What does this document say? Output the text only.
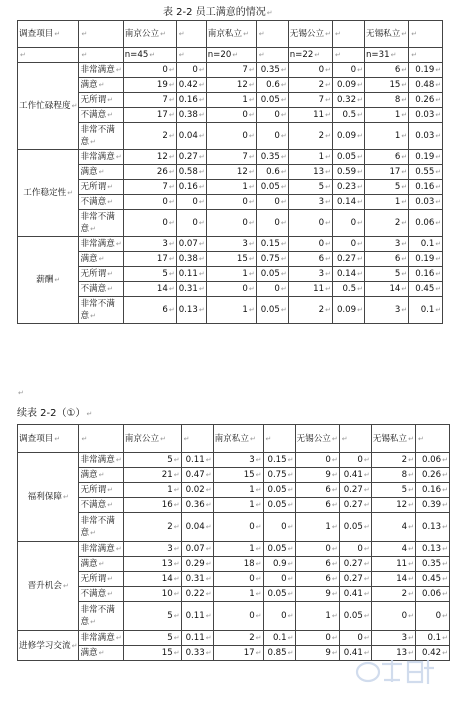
表 2-2 员工满意的情况↵
调查项目↵	↵	南京公立↵	↵	南京私立↵	↵	无锡公立↵	↵	无锡私立↵	↵
↵	↵	n=45↵	↵	n=20↵	↵	n=22↵	↵	n=31↵	↵
工作忙碌程度↵	非常满意↵	0↵	0↵	7↵	0.35↵	0↵	0↵	6↵	0.19↵
	满意↵	19↵	0.42↵	12↵	0.6↵	2↵	0.09↵	15↵	0.48↵
	无所谓↵	7↵	0.16↵	1↵	0.05↵	7↵	0.32↵	8↵	0.26↵
	不满意↵	17↵	0.38↵	0↵	0↵	11↵	0.5↵	1↵	0.03↵
	非常不满意↵	2↵	0.04↵	0↵	0↵	2↵	0.09↵	1↵	0.03↵
工作稳定性↵	非常满意↵	12↵	0.27↵	7↵	0.35↵	1↵	0.05↵	6↵	0.19↵
	满意↵	26↵	0.58↵	12↵	0.6↵	13↵	0.59↵	17↵	0.55↵
	无所谓↵	7↵	0.16↵	1↵	0.05↵	5↵	0.23↵	5↵	0.16↵
	不满意↵	0↵	0↵	0↵	0↵	3↵	0.14↵	1↵	0.03↵
	非常不满意↵	0↵	0↵	0↵	0↵	0↵	0↵	2↵	0.06↵
薪酬↵	非常满意↵	3↵	0.07↵	3↵	0.15↵	0↵	0↵	3↵	0.1↵
	满意↵	17↵	0.38↵	15↵	0.75↵	6↵	0.27↵	6↵	0.19↵
	无所谓↵	5↵	0.11↵	1↵	0.05↵	3↵	0.14↵	5↵	0.16↵
	不满意↵	14↵	0.31↵	0↵	0↵	11↵	0.5↵	14↵	0.45↵
	非常不满意↵	6↵	0.13↵	1↵	0.05↵	2↵	0.09↵	3↵	0.1↵
↵
续表 2-2（①）↵
调查项目↵	↵	南京公立↵	↵	南京私立↵	↵	无锡公立↵	↵	无锡私立↵	↵
福利保障↵	非常满意↵	5↵	0.11↵	3↵	0.15↵	0↵	0↵	2↵	0.06↵
	满意↵	21↵	0.47↵	15↵	0.75↵	9↵	0.41↵	8↵	0.26↵
	无所谓↵	1↵	0.02↵	1↵	0.05↵	6↵	0.27↵	5↵	0.16↵
	不满意↵	16↵	0.36↵	1↵	0.05↵	6↵	0.27↵	12↵	0.39↵
	非常不满意↵	2↵	0.04↵	0↵	0↵	1↵	0.05↵	4↵	0.13↵
晋升机会↵	非常满意↵	3↵	0.07↵	1↵	0.05↵	0↵	0↵	4↵	0.13↵
	满意↵	13↵	0.29↵	18↵	0.9↵	6↵	0.27↵	11↵	0.35↵
	无所谓↵	14↵	0.31↵	0↵	0↵	6↵	0.27↵	14↵	0.45↵
	不满意↵	10↵	0.22↵	1↵	0.05↵	9↵	0.41↵	2↵	0.06↵
	非常不满意↵	5↵	0.11↵	0↵	0↵	1↵	0.05↵	0↵	0↵
进修学习交流↵	非常满意↵	5↵	0.11↵	2↵	0.1↵	0↵	0↵	3↵	0.1↵
	满意↵	15↵	0.33↵	17↵	0.85↵	9↵	0.41↵	13↵	0.42↵
